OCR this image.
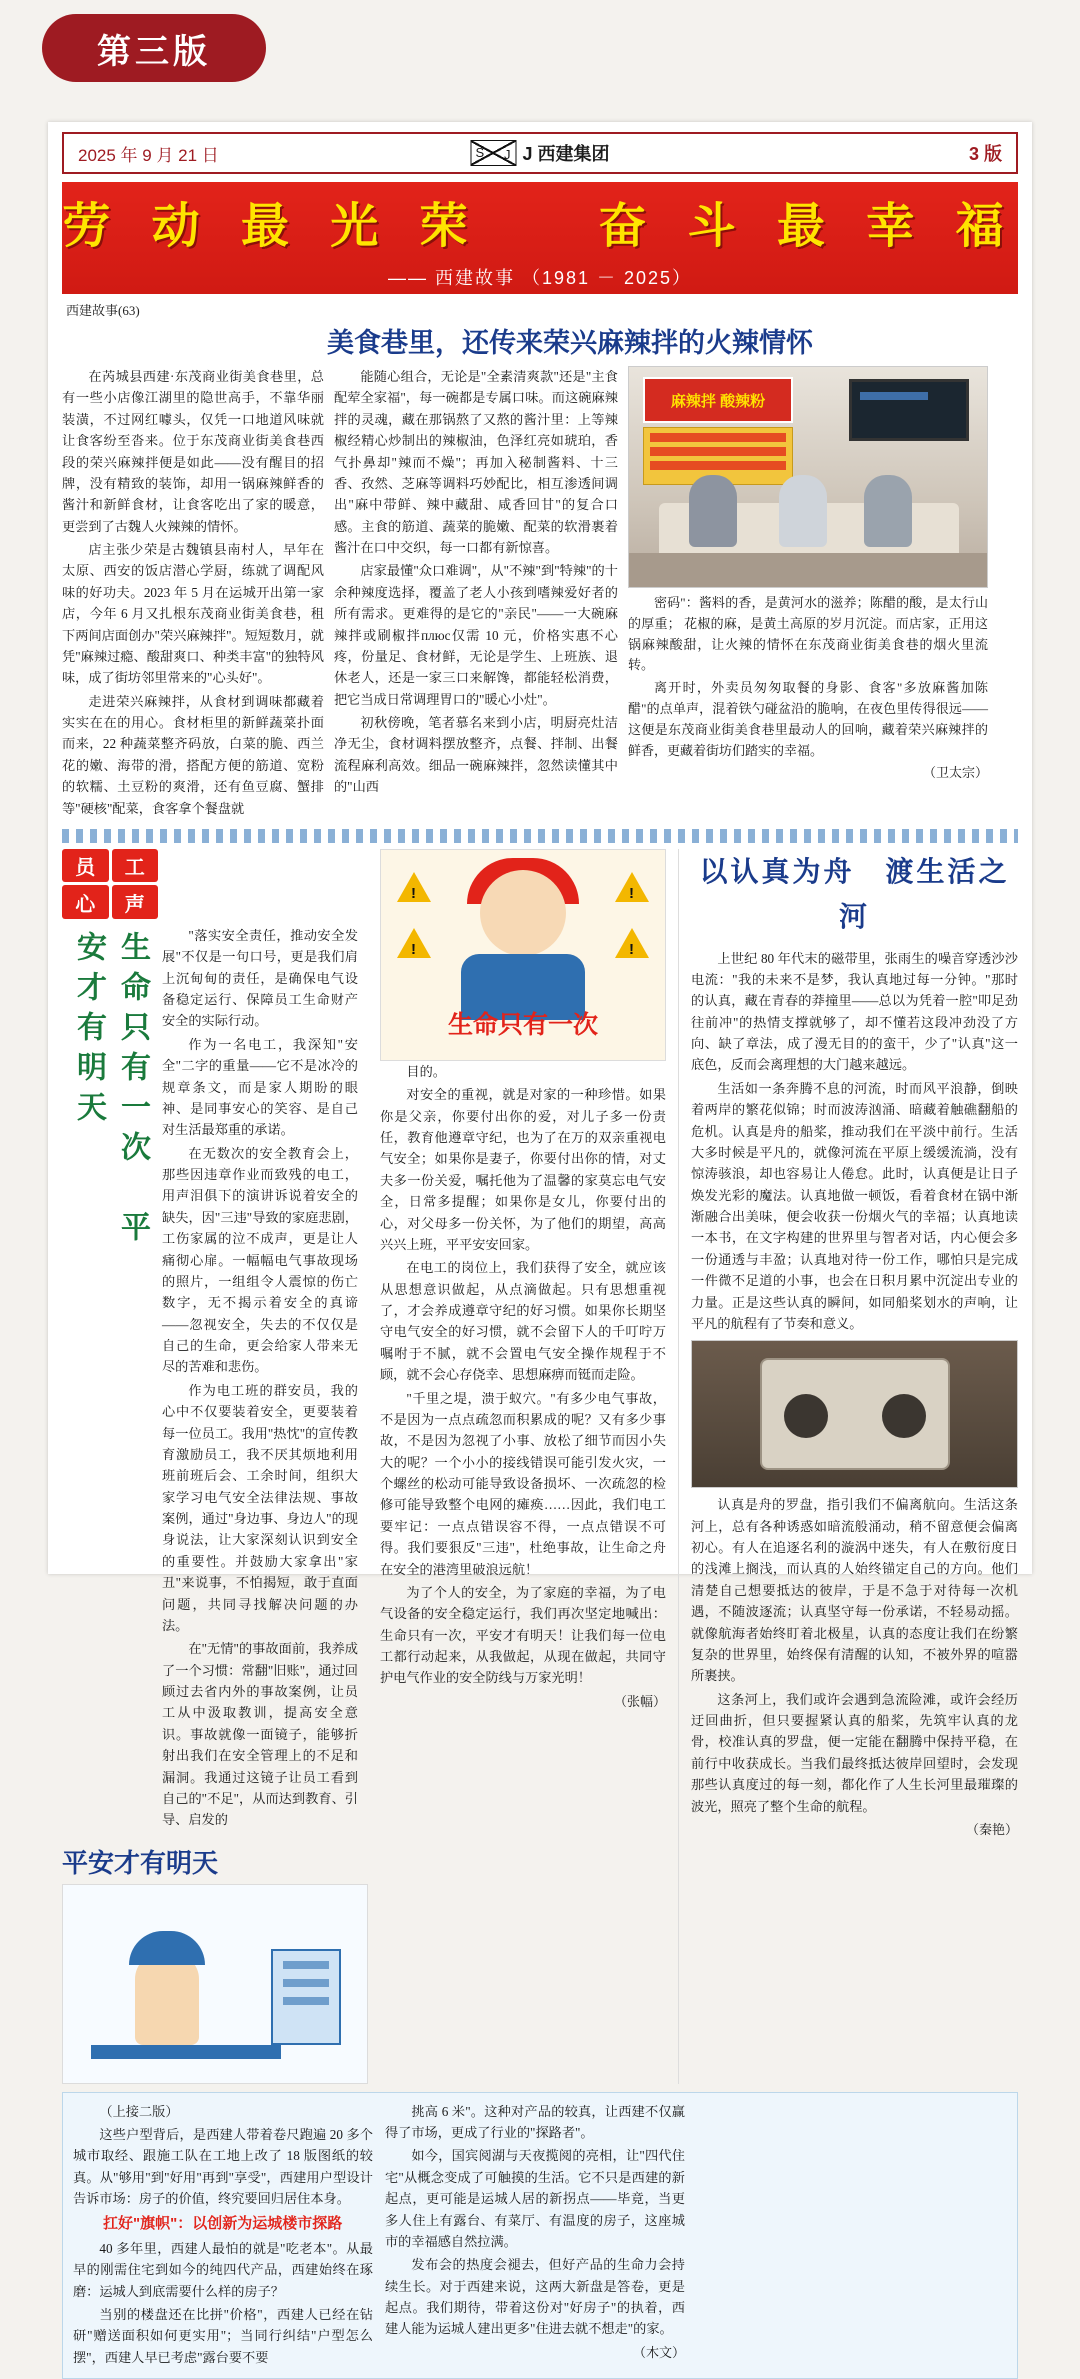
第三版
2025 年 9 月 21 日 S
J	J 西建集团	3 版
劳 动 最 光 荣 　 奋 斗 最 幸 福
—— 西建故事 （1981 － 2025）
西建故事(63)
美食巷里，还传来荣兴麻辣拌的火辣情怀

在芮城县西建·东茂商业街美食巷里，总有一些小店像江湖里的隐世高手，不靠华丽装潢，不过网红噱头，仅凭一口地道风味就让食客纷至沓来。位于东茂商业街美食巷西段的荣兴麻辣拌便是如此——没有醒目的招牌，没有精致的装饰，却用一锅麻辣鲜香的酱汁和新鲜食材，让食客吃出了家的暖意，更尝到了古魏人火辣辣的情怀。

店主张少荣是古魏镇县南村人，早年在太原、西安的饭店潜心学厨，练就了调配风味的好功夫。2023 年 5 月在运城开出第一家店，今年 6 月又扎根东茂商业街美食巷，租下两间店面创办"荣兴麻辣拌"。短短数月，就凭"麻辣过瘾、酸甜爽口、种类丰富"的独特风味，成了街坊邻里常来的"心头好"。

走进荣兴麻辣拌，从食材到调味都藏着实实在在的用心。食材柜里的新鲜蔬菜扑面而来，22 种蔬菜整齐码放，白菜的脆、西兰花的嫩、海带的滑，搭配方便的筋道、宽粉的软糯、土豆粉的爽滑，还有鱼豆腐、蟹排等"硬核"配菜，食客拿个餐盘就

能随心组合，无论是"全素清爽款"还是"主食配荤全家福"，每一碗都是专属口味。而这碗麻辣拌的灵魂，藏在那锅熬了又熬的酱汁里：上等辣椒经精心炒制出的辣椒油，色泽红亮如琥珀，香气扑鼻却"辣而不燥"；再加入秘制酱料、十三香、孜然、芝麻等调料巧妙配比，相互渗透间调出"麻中带鲜、辣中藏甜、咸香回甘"的复合口感。主食的筋道、蔬菜的脆嫩、配菜的软滑裹着酱汁在口中交织，每一口都有新惊喜。

店家最懂"众口难调"，从"不辣"到"特辣"的十余种辣度选择，覆盖了老人小孩到嗜辣爱好者的所有需求。更难得的是它的"亲民"——一大碗麻辣拌或刷椒拌плюс仅需 10 元，价格实惠不心疼，份量足、食材鲜，无论是学生、上班族、退休老人，还是一家三口来解馋，都能轻松消费，把它当成日常调理胃口的"暖心小灶"。

初秋傍晚，笔者慕名来到小店，明厨亮灶洁净无尘，食材调料摆放整齐，点餐、拌制、出餐流程麻利高效。细品一碗麻辣拌，忽然读懂其中的"山西

麻辣拌 酸辣粉

密码"：酱料的香，是黄河水的滋养；陈醋的酸，是太行山的厚重； 花椒的麻，是黄土高原的岁月沉淀。而店家，正用这锅麻辣酸甜，让火辣的情怀在东茂商业街美食巷的烟火里流转。

离开时，外卖员匆匆取餐的身影、食客"多放麻酱加陈醋"的点单声，混着铁勺碰盆沿的脆响，在夜色里传得很远——这便是东茂商业街美食巷里最动人的回响，藏着荣兴麻辣拌的鲜香，更藏着街坊们踏实的幸福。

（卫太宗）
员	工
心	声
生命只有一次　平安才有明天	"落实安全责任，推动安全发展"不仅是一句口号，更是我们肩上沉甸甸的责任，是确保电气设备稳定运行、保障员工生命财产安全的实际行动。

作为一名电工，我深知"安全"二字的重量——它不是冰冷的规章条文，而是家人期盼的眼神、是同事安心的笑容、是自己对生活最郑重的承诺。

在无数次的安全教育会上，那些因违章作业而致残的电工，用声泪俱下的演讲诉说着安全的缺失，因"三违"导致的家庭悲剧，工伤家属的泣不成声，更是让人痛彻心扉。一幅幅电气事故现场的照片，一组组令人震惊的伤亡数字，无不揭示着安全的真谛——忽视安全，失去的不仅仅是自己的生命，更会给家人带来无尽的苦难和悲伤。

作为电工班的群安员，我的心中不仅要装着安全，更要装着每一位员工。我用"热忱"的宣传教育激励员工，我不厌其烦地利用班前班后会、工余时间，组织大家学习电气安全法律法规、事故案例，通过"身边事、身边人"的现身说法，让大家深刻认识到安全的重要性。并鼓励大家拿出"家丑"来说事，不怕揭短，敢于直面问题，共同寻找解决问题的办法。

在"无情"的事故面前，我养成了一个习惯：常翻"旧账"，通过回顾过去省内外的事故案例，让员工从中汲取教训，提高安全意识。事故就像一面镜子，能够折射出我们在安全管理上的不足和漏洞。我通过这镜子让员工看到自己的"不足"，从而达到教育、引导、启发的

平安才有明天
!
!
!
!
生命只有一次

目的。

对安全的重视，就是对家的一种珍惜。如果你是父亲，你要付出你的爱，对儿子多一份责任，教育他遵章守纪，也为了在万的双亲重视电气安全；如果你是妻子，你要付出你的情，对丈夫多一份关爱，嘱托他为了温馨的家莫忘电气安全，日常多提醒；如果你是女儿，你要付出的心，对父母多一份关怀，为了他们的期望，高高兴兴上班，平平安安回家。

在电工的岗位上，我们获得了安全，就应该从思想意识做起，从点滴做起。只有思想重视了，才会养成遵章守纪的好习惯。如果你长期坚守电气安全的好习惯，就不会留下人的千叮咛万嘱咐于不腻，就不会置电气安全操作规程于不顾，就不会心存侥幸、思想麻痹而铤而走险。

"千里之堤，溃于蚁穴。"有多少电气事故，不是因为一点点疏忽而积累成的呢？又有多少事故，不是因为忽视了小事、放松了细节而因小失大的呢？一个小小的接线错误可能引发火灾，一个螺丝的松动可能导致设备损坏、一次疏忽的检修可能导致整个电网的瘫痪……因此，我们电工要牢记：一点点错误容不得，一点点错误不可得。我们要狠反"三违"，杜绝事故，让生命之舟在安全的港湾里破浪远航！

为了个人的安全，为了家庭的幸福，为了电气设备的安全稳定运行，我们再次坚定地喊出：生命只有一次，平安才有明天！让我们每一位电工都行动起来，从我做起，从现在做起，共同守护电气作业的安全防线与万家光明！

（张幅）
以认真为舟　渡生活之河

上世纪 80 年代末的磁带里，张雨生的噪音穿透沙沙电流："我的未来不是梦，我认真地过每一分钟。"那时的认真，藏在青春的莽撞里——总以为凭着一腔"叩足劲往前冲"的热情支撑就够了，却不懂若这段冲劲没了方向、缺了章法，成了漫无目的的蛮干，少了"认真"这一底色，反而会离理想的大门越来越远。

生活如一条奔腾不息的河流，时而风平浪静，倒映着两岸的繁花似锦；时而波涛汹涌、暗藏着触礁翻船的危机。认真是舟的船桨，推动我们在平淡中前行。生活大多时候是平凡的，就像河流在平原上缓缓流淌，没有惊涛骇浪，却也容易让人倦怠。此时，认真便是让日子焕发光彩的魔法。认真地做一顿饭，看着食材在锅中渐渐融合出美味，便会收获一份烟火气的幸福；认真地读一本书，在文字构建的世界里与智者对话，内心便会多一份通透与丰盈；认真地对待一份工作，哪怕只是完成一件微不足道的小事，也会在日积月累中沉淀出专业的力量。正是这些认真的瞬间，如同船桨划水的声响，让平凡的航程有了节奏和意义。

认真是舟的罗盘，指引我们不偏离航向。生活这条河上，总有各种诱惑如暗流般涌动，稍不留意便会偏离初心。有人在追逐名利的漩涡中迷失，有人在敷衍度日的浅滩上搁浅，而认真的人始终锚定自己的方向。他们清楚自己想要抵达的彼岸，于是不急于对待每一次机遇，不随波逐流；认真坚守每一份承诺，不轻易动摇。就像航海者始终盯着北极星，认真的态度让我们在纷繁复杂的世界里，始终保有清醒的认知，不被外界的喧嚣所裹挟。

这条河上，我们或许会遇到急流险滩，或许会经历迂回曲折，但只要握紧认真的船桨，先筑牢认真的龙骨，校准认真的罗盘，便一定能在翻腾中保持平稳，在前行中收获成长。当我们最终抵达彼岸回望时，会发现那些认真度过的每一刻，都化作了人生长河里最璀璨的波光，照亮了整个生命的航程。

（秦艳）

（上接二版）

这些户型背后，是西建人带着卷尺跑遍 20 多个城市取经、跟施工队在工地上改了 18 版图纸的较真。从"够用"到"好用"再到"享受"，西建用户型设计告诉市场：房子的价值，终究要回归居住本身。

扛好"旗帜"：以创新为运城楼市探路

40 多年里，西建人最怕的就是"吃老本"。从最早的刚需住宅到如今的纯四代产品，西建始终在琢磨：运城人到底需要什么样的房子？

当别的楼盘还在比拼"价格"，西建人已经在钻研"赠送面积如何更实用"；当同行纠结"户型怎么摆"，西建人早已考虑"露台要不要

挑高 6 米"。这种对产品的较真，让西建不仅赢得了市场，更成了行业的"探路者"。

如今，国宾阅湖与天夜揽阅的亮相，让"四代住宅"从概念变成了可触摸的生活。它不只是西建的新起点，更可能是运城人居的新拐点——毕竟，当更多人住上有露台、有菜厅、有温度的房子，这座城市的幸福感自然拉满。

发布会的热度会褪去，但好产品的生命力会持续生长。对于西建来说，这两大新盘是答卷，更是起点。我们期待，带着这份对"好房子"的执着，西建人能为运城人建出更多"住进去就不想走"的家。

（木文）
